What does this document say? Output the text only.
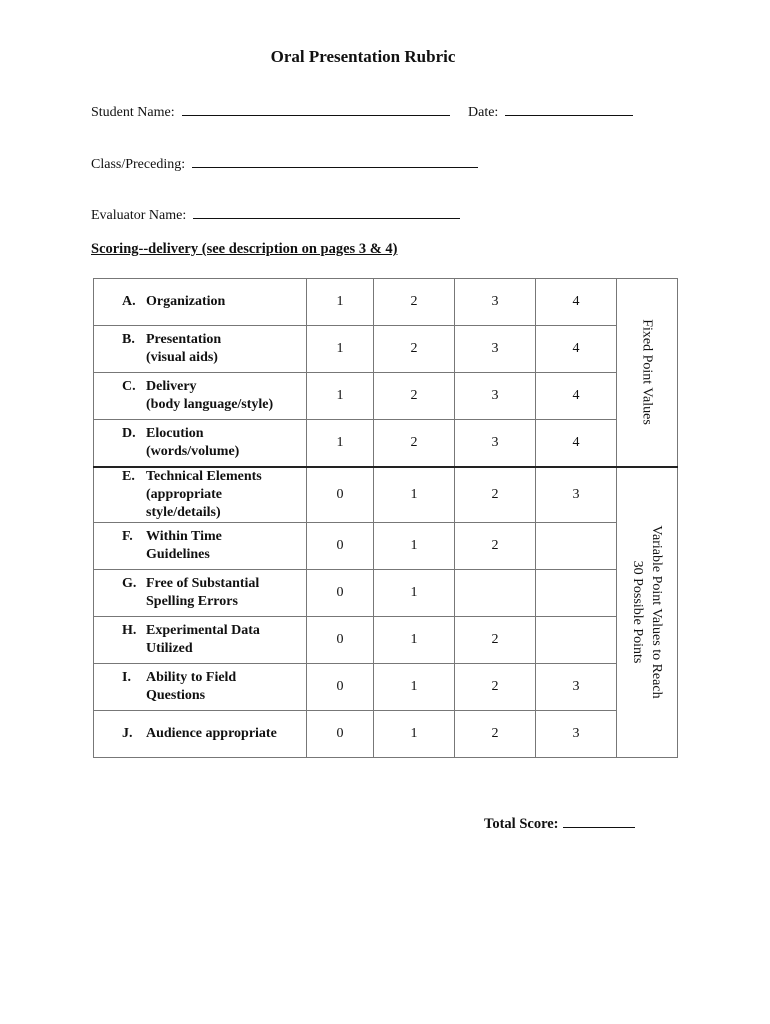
Oral Presentation Rubric
Student Name:	Date:
Class/Preceding:
Evaluator Name:
Scoring--delivery (see description on pages 3 & 4)
A. Organization	1	2	3	4	Fixed Point Values

B. Presentation
(visual aids)	1	2	3	4	

C. Delivery
(body language/style)	1	2	3	4	

D. Elocution
(words/volume)	1	2	3	4	

E. Technical Elements
(appropriate
style/details)	0	1	2	3	Variable Point Values to Reach
30 Possible Points

F. Within Time
Guidelines	0	1	2		

G. Free of Substantial
Spelling Errors	0	1			

H. Experimental Data
Utilized	0	1	2		

I. Ability to Field
Questions	0	1	2	3	

J. Audience appropriate	0	1	2	3	
Total Score:
